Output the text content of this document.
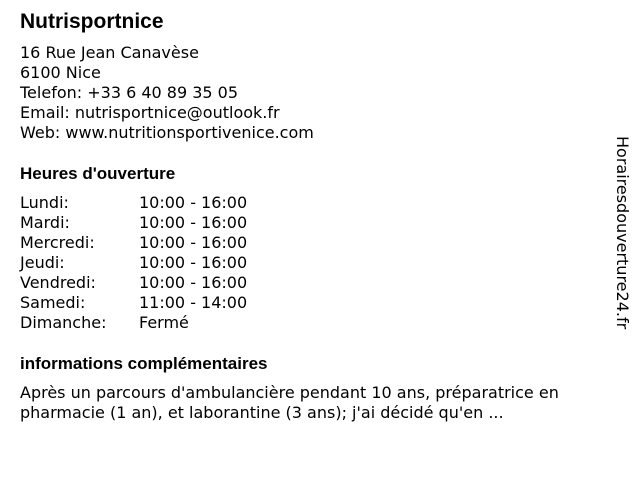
Nutrisportnice
16 Rue Jean Canavèse
6100 Nice
Telefon: +33 6 40 89 35 05
Email: nutrisportnice@outlook.fr
Web: www.nutritionsportivenice.com
Heures d'ouverture
Lundi:	10:00 - 16:00
Mardi:	10:00 - 16:00
Mercredi:	10:00 - 16:00
Jeudi:	10:00 - 16:00
Vendredi:	10:00 - 16:00
Samedi:	11:00 - 14:00
Dimanche:	Fermé
informations complémentaires
Après un parcours d'ambulancière pendant 10 ans, préparatrice en pharmacie (1 an), et laborantine (3 ans); j'ai décidé qu'en ...
Horairesdouverture24.fr
